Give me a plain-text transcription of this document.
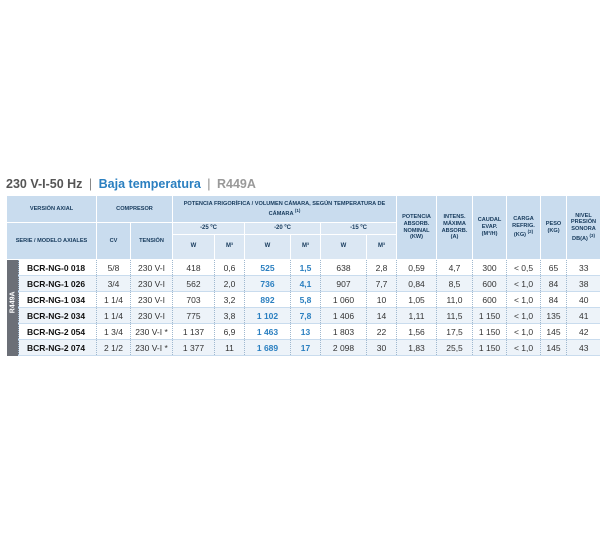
230 V-I-50 Hz | Baja temperatura | R449A
VERSIÓN AXIAL		COMPRESOR		POTENCIA FRIGORÍFICA / VOLUMEN CÁMARA, SEGÚN TEMPERATURA DE CÁMARA $^{(1)}$						POTENCIA ABSORB. NOMINAL (KW)	INTENS. MÁXIMA ABSORB. (A)	CAUDAL EVAP. (M³/H)	CARGA REFRIG. (KG) $^{(2)}$	PESO (KG)	NIVEL PRESIÓN SONORA DB(A) $^{(3)}$
SERIE / MODELO AXIALES		CV	TENSIÓN	-25 ºC		-20 ºC		-15 ºC							
				W	M³	W	M³	W	M³						

R449A	BCR-NG-0 018	5/8	230 V-I	418	0,6	525	1,5	638	2,8	0,59	4,7	300	< 0,5	65	33
	BCR-NG-1 026	3/4	230 V-I	562	2,0	736	4,1	907	7,7	0,84	8,5	600	< 1,0	84	38
	BCR-NG-1 034	1 1/4	230 V-I	703	3,2	892	5,8	1 060	10	1,05	11,0	600	< 1,0	84	40
	BCR-NG-2 034	1 1/4	230 V-I	775	3,8	1 102	7,8	1 406	14	1,11	11,5	1 150	< 1,0	135	41
	BCR-NG-2 054	1 3/4	230 V-I *	1 137	6,9	1 463	13	1 803	22	1,56	17,5	1 150	< 1,0	145	42
	BCR-NG-2 074	2 1/2	230 V-I *	1 377	11	1 689	17	2 098	30	1,83	25,5	1 150	< 1,0	145	43
